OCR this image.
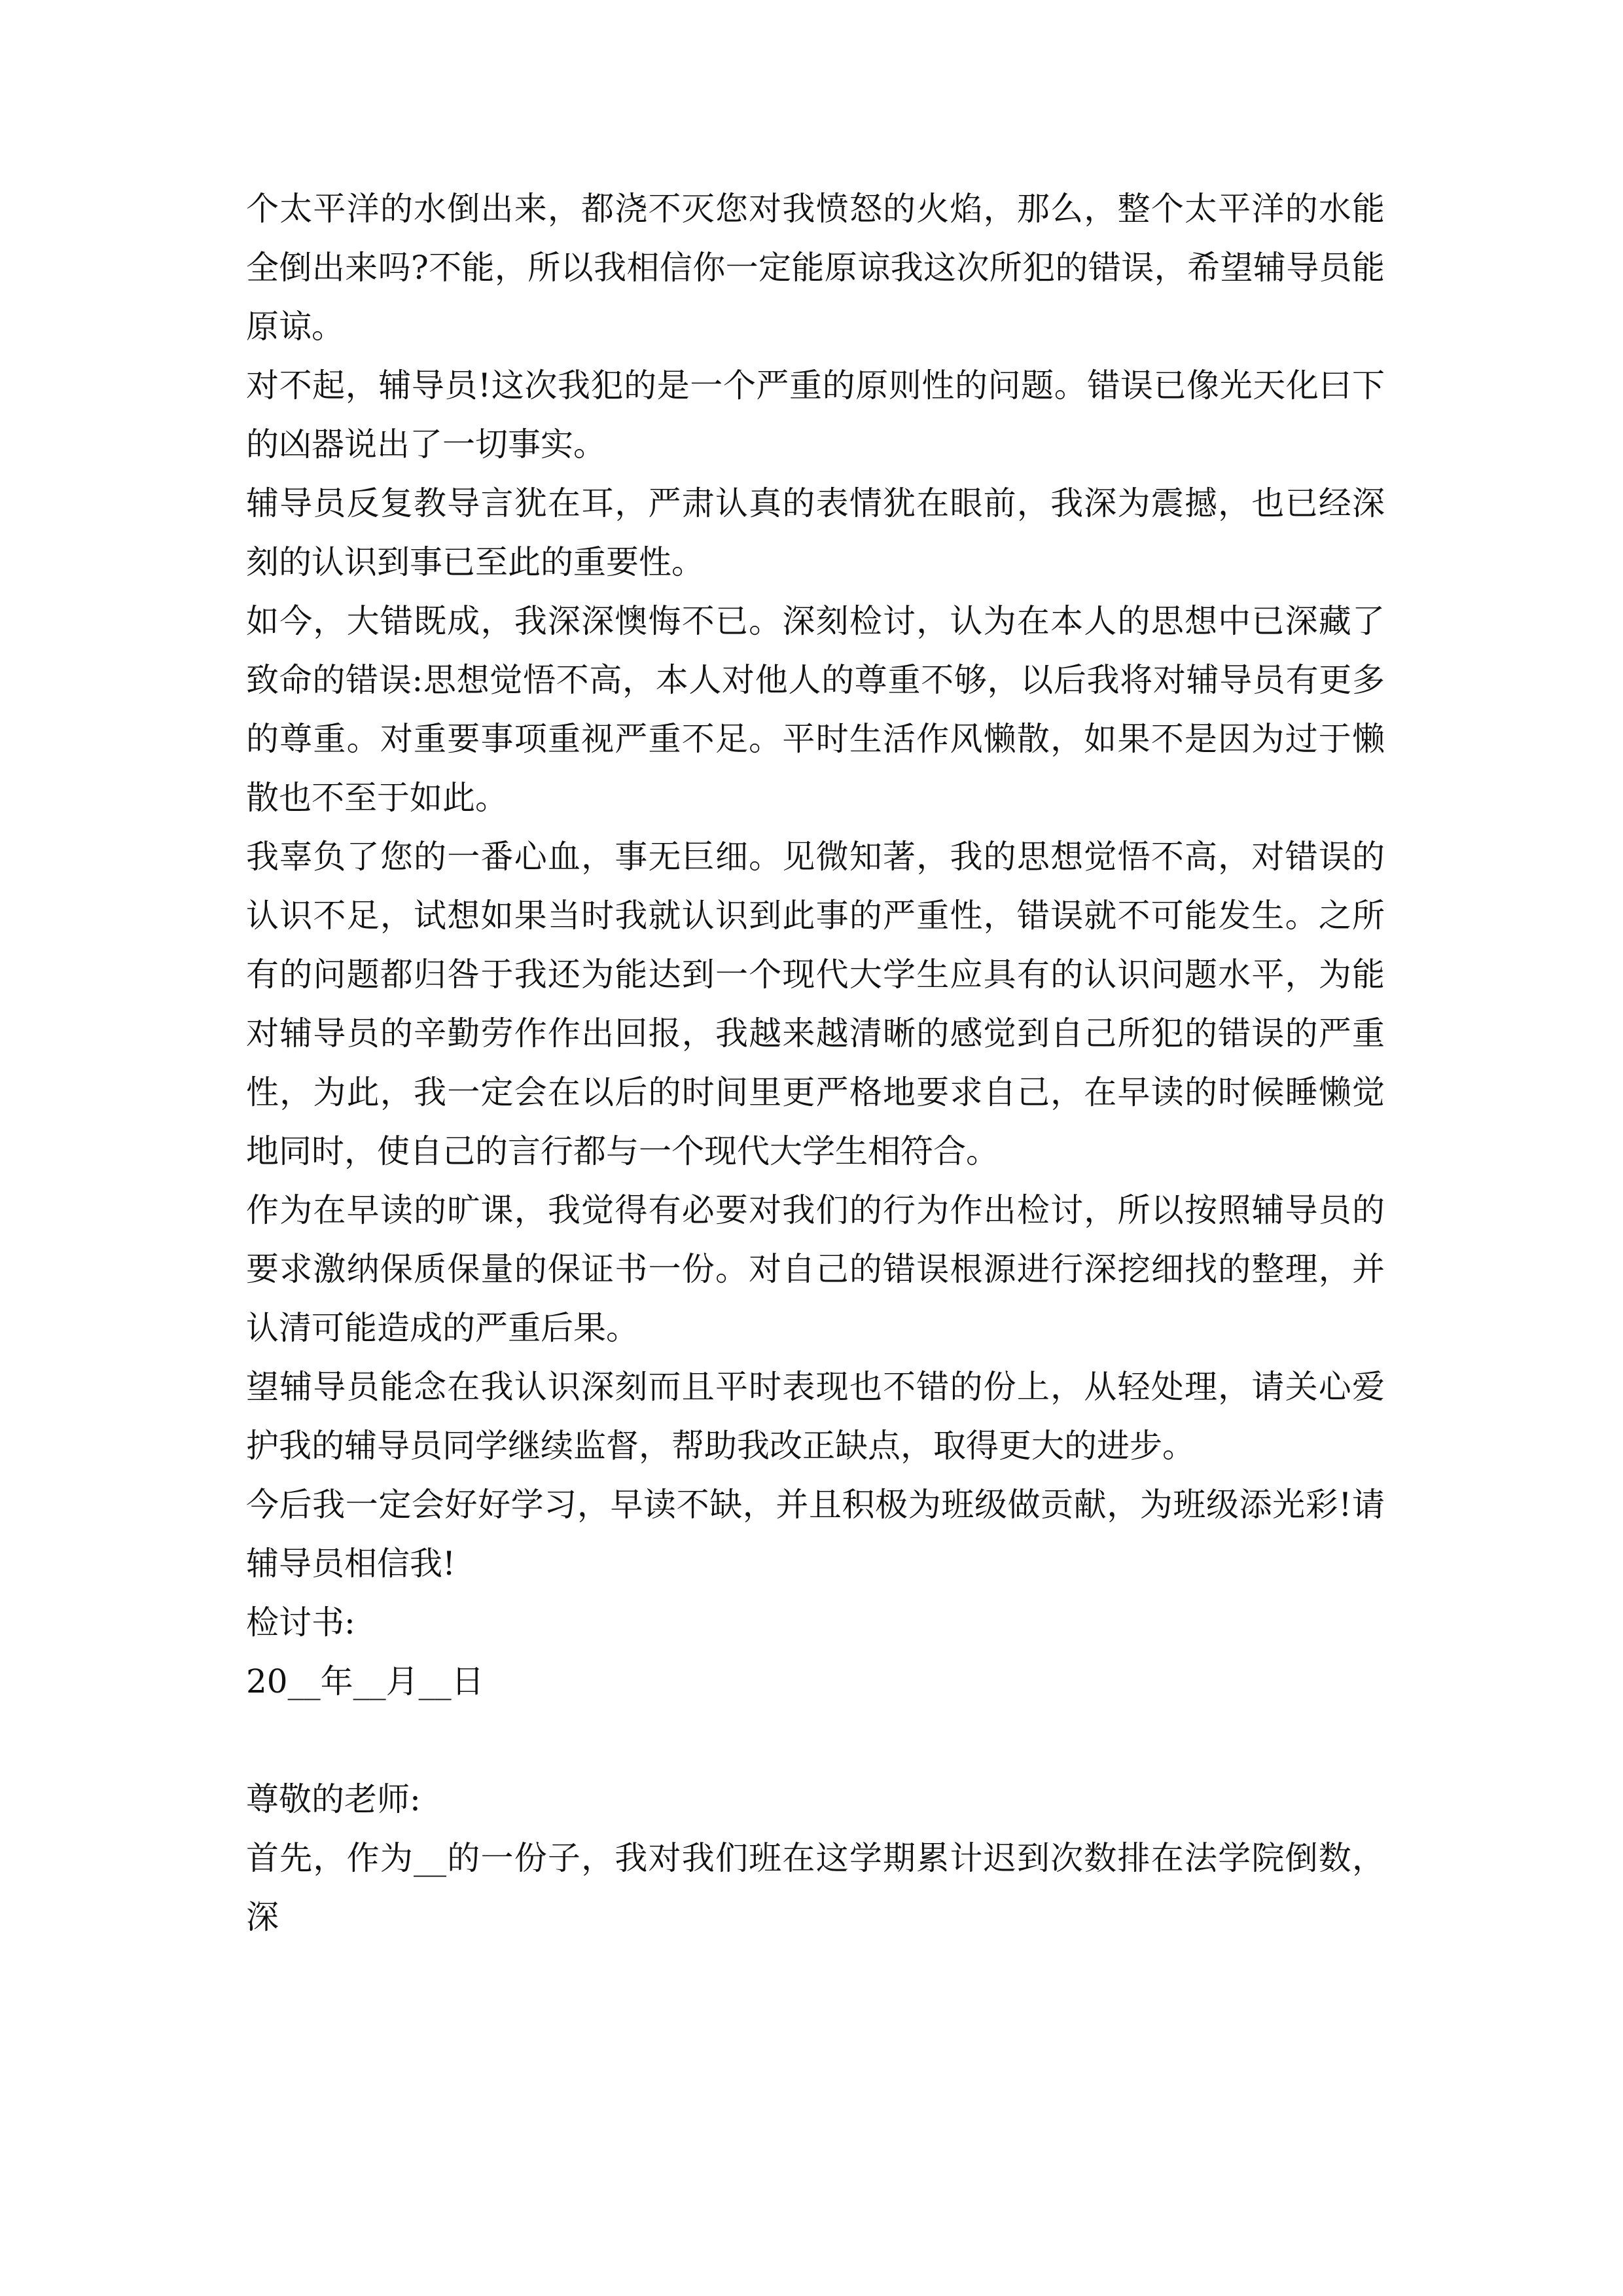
个太平洋的水倒出来，都浇不灭您对我愤怒的火焰，那么，整个太平洋的水能全倒出来吗?不能，所以我相信你一定能原谅我这次所犯的错误，希望辅导员能原谅。

对不起，辅导员!这次我犯的是一个严重的原则性的问题。错误已像光天化曰下的凶器说出了一切事实。

辅导员反复教导言犹在耳，严肃认真的表情犹在眼前，我深为震撼，也已经深刻的认识到事已至此的重要性。

如今，大错既成，我深深懊悔不已。深刻检讨，认为在本人的思想中已深藏了致命的错误:思想觉悟不高，本人对他人的尊重不够，以后我将对辅导员有更多的尊重。对重要事项重视严重不足。平时生活作风懒散，如果不是因为过于懒散也不至于如此。

我辜负了您的一番心血，事无巨细。见微知著，我的思想觉悟不高，对错误的认识不足，试想如果当时我就认识到此事的严重性，错误就不可能发生。之所有的问题都归咎于我还为能达到一个现代大学生应具有的认识问题水平，为能对辅导员的辛勤劳作作出回报，我越来越清晰的感觉到自己所犯的错误的严重性，为此，我一定会在以后的时间里更严格地要求自己，在早读的时候睡懒觉地同时，使自己的言行都与一个现代大学生相符合。

作为在早读的旷课，我觉得有必要对我们的行为作出检讨，所以按照辅导员的要求激纳保质保量的保证书一份。对自己的错误根源进行深挖细找的整理，并认清可能造成的严重后果。

望辅导员能念在我认识深刻而且平时表现也不错的份上，从轻处理，请关心爱护我的辅导员同学继续监督，帮助我改正缺点，取得更大的进步。

今后我一定会好好学习，早读不缺，并且积极为班级做贡献，为班级添光彩!请辅导员相信我!

检讨书:

20__年__月__日

尊敬的老师:

首先，作为__的一份子，我对我们班在这学期累计迟到次数排在法学院倒数，深
